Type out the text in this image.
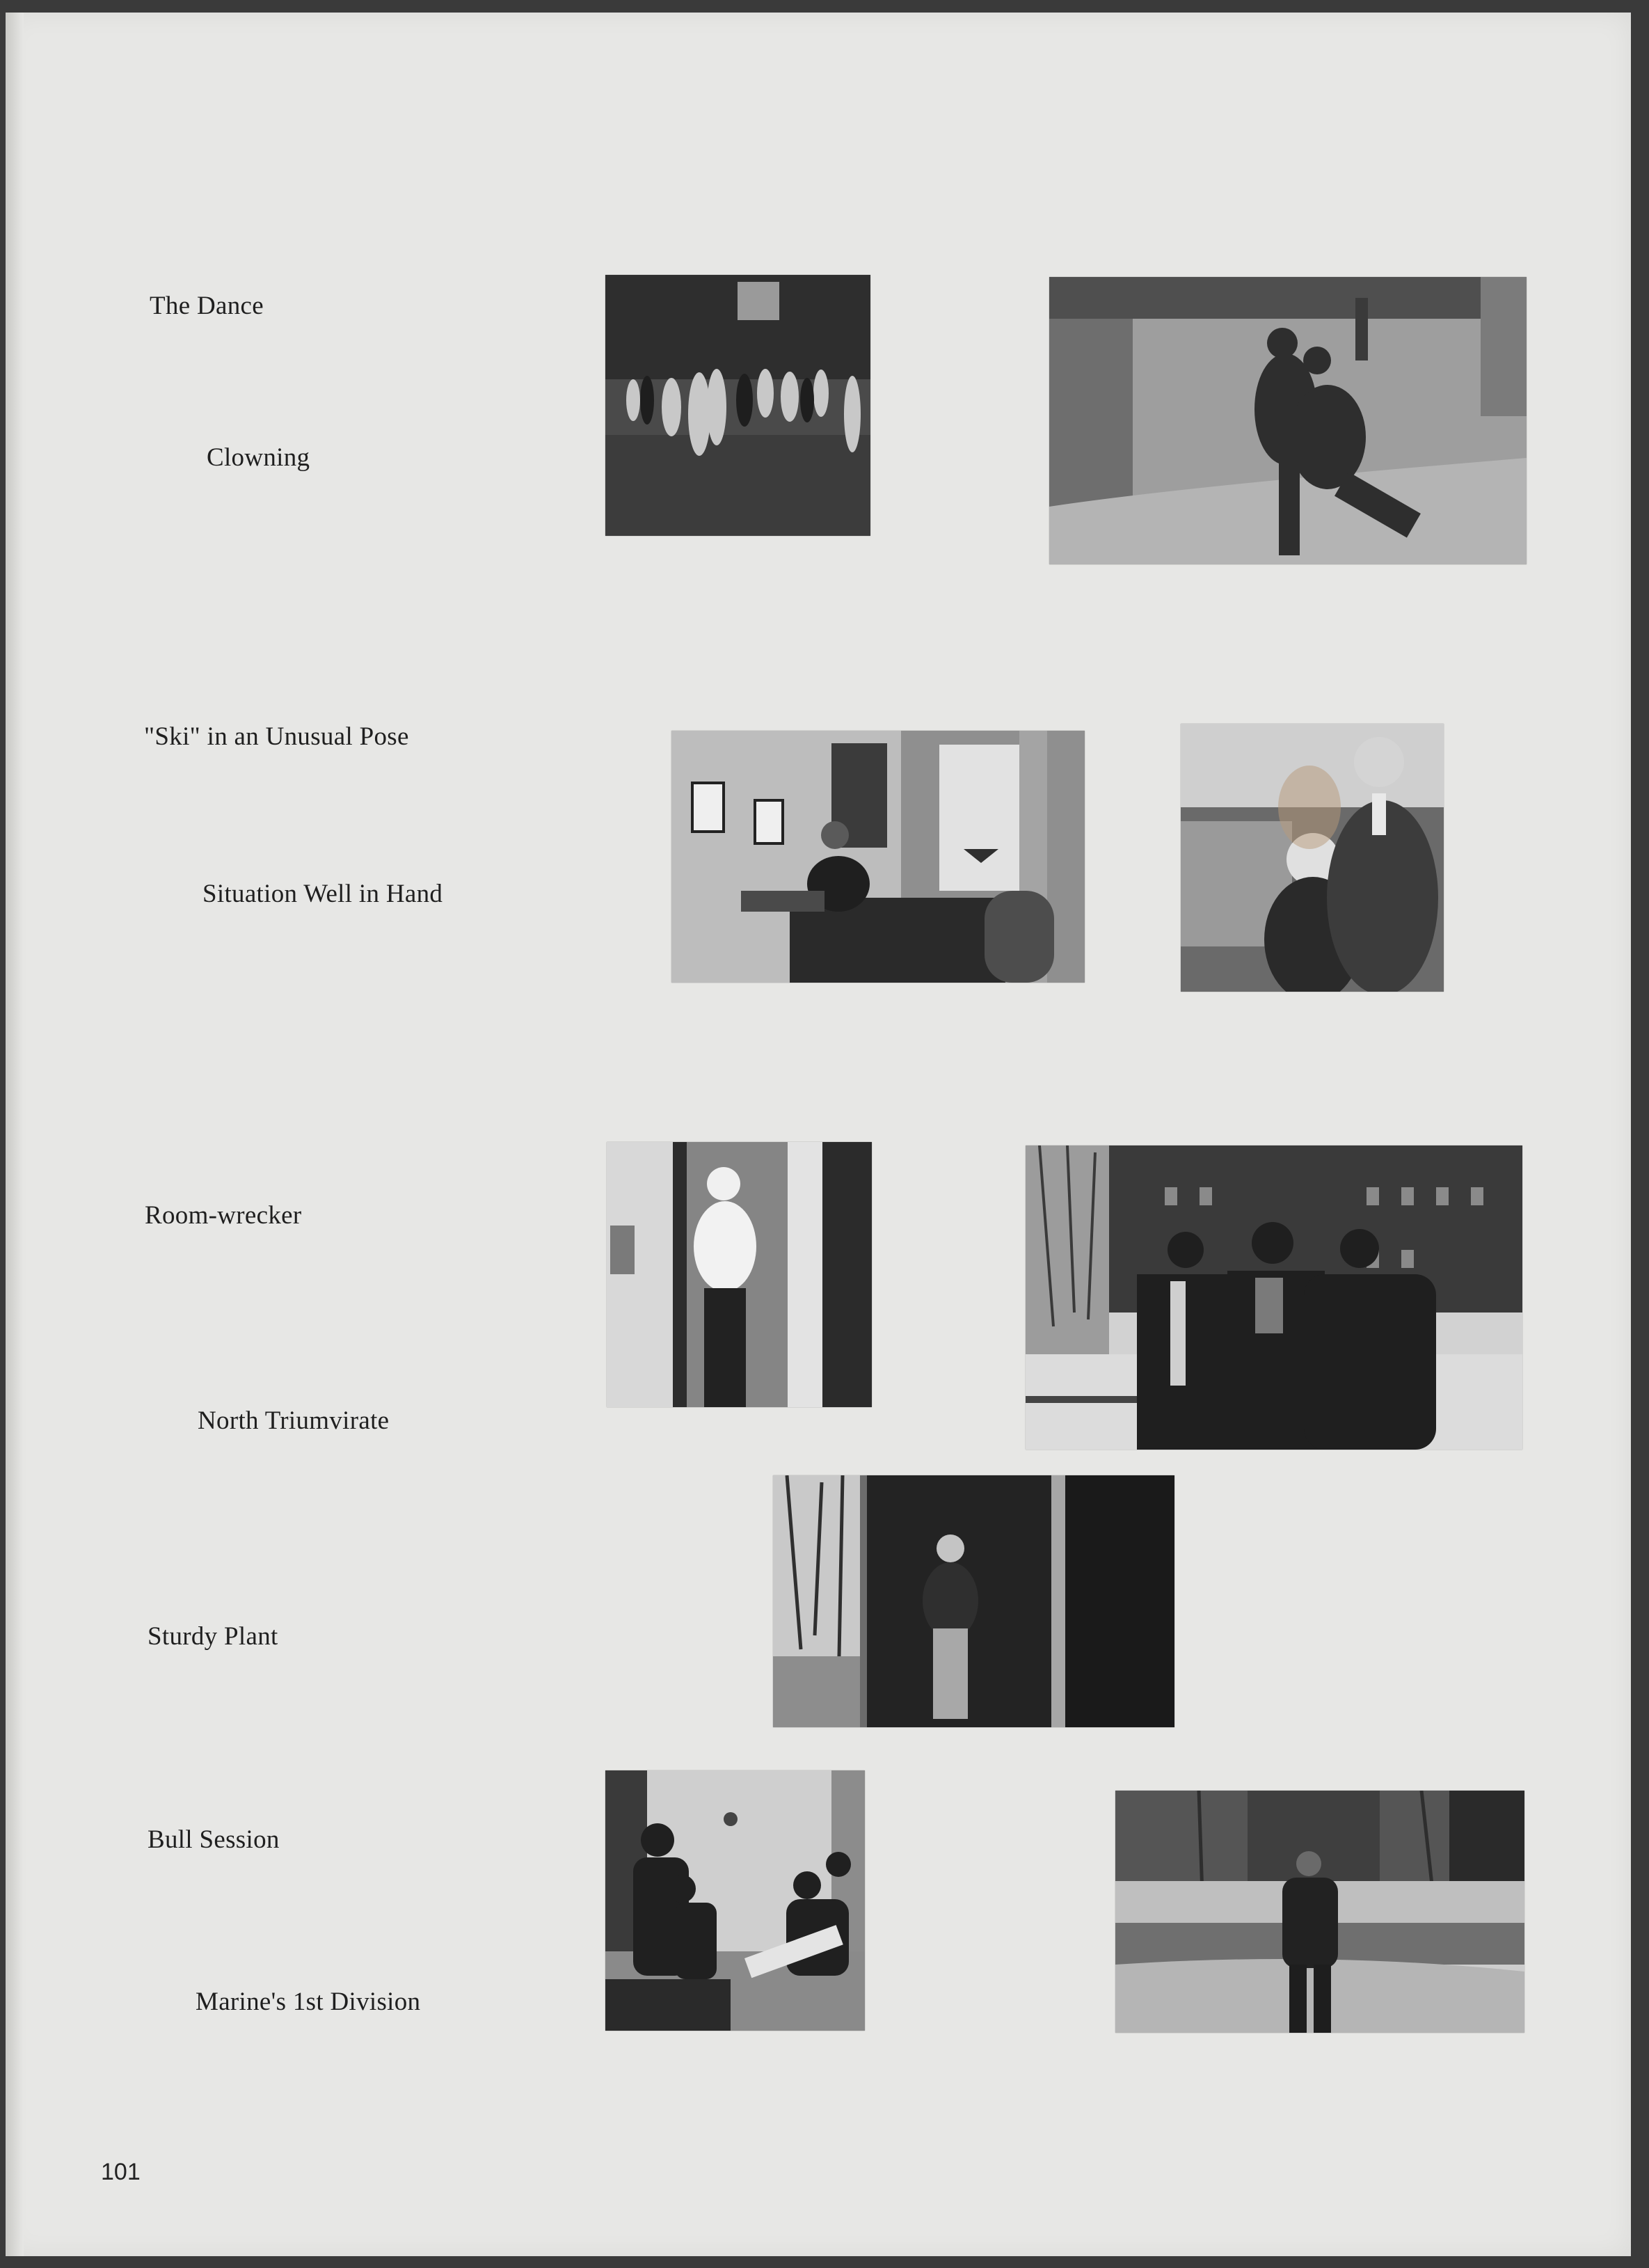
The Dance
Clowning
"Ski" in an Unusual Pose
Situation Well in Hand
Room-wrecker
North Triumvirate
Sturdy Plant
Bull Session
Marine's 1st Division
101
